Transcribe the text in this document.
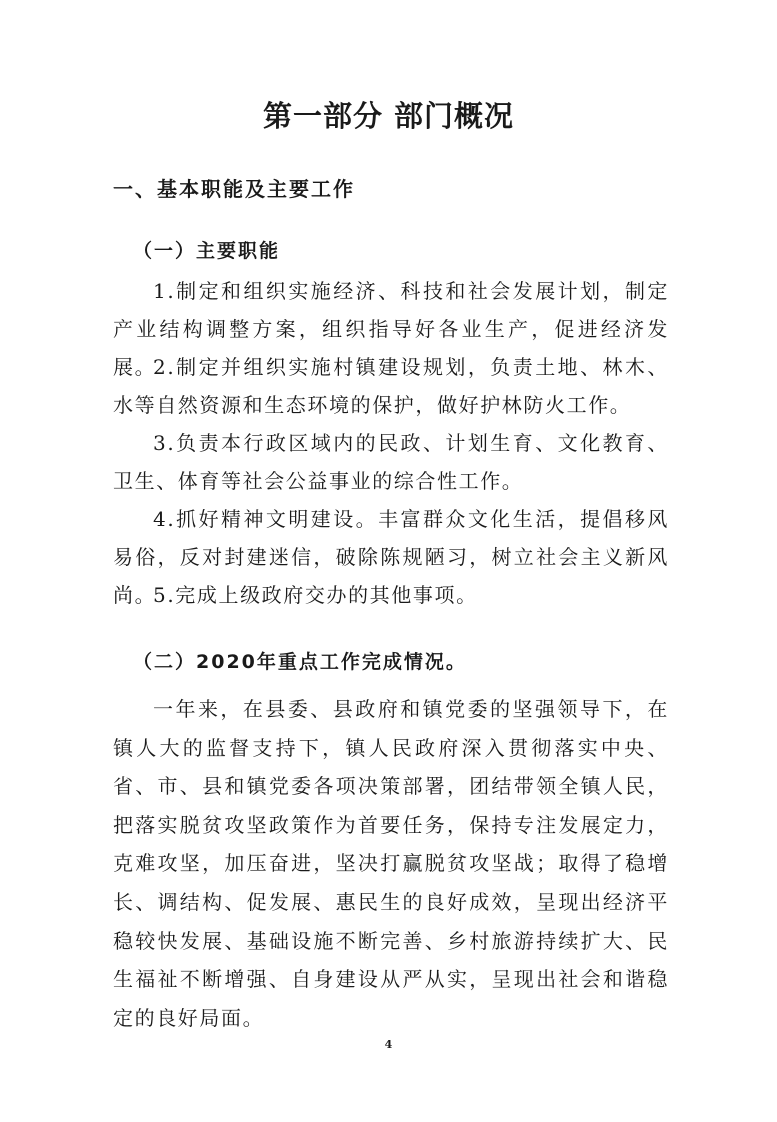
第一部分 部门概况
一、基本职能及主要工作
（一）主要职能

1.制定和组织实施经济、科技和社会发展计划，制定产业结构调整方案，组织指导好各业生产，促进经济发展。

2.制定并组织实施村镇建设规划，负责土地、林木、水等自然资源和生态环境的保护，做好护林防火工作。

3.负责本行政区域内的民政、计划生育、文化教育、卫生、体育等社会公益事业的综合性工作。

4.抓好精神文明建设。丰富群众文化生活，提倡移风易俗，反对封建迷信，破除陈规陋习，树立社会主义新风尚。

5.完成上级政府交办的其他事项。

（二）2020年重点工作完成情况。

一年来，在县委、县政府和镇党委的坚强领导下，在镇人大的监督支持下，镇人民政府深入贯彻落实中央、省、市、县和镇党委各项决策部署，团结带领全镇人民，把落实脱贫攻坚政策作为首要任务，保持专注发展定力，克难攻坚，加压奋进，坚决打赢脱贫攻坚战；取得了稳增长、调结构、促发展、惠民生的良好成效，呈现出经济平稳较快发展、基础设施不断完善、乡村旅游持续扩大、民生福祉不断增强、自身建设从严从实，呈现出社会和谐稳定的良好局面。

4
